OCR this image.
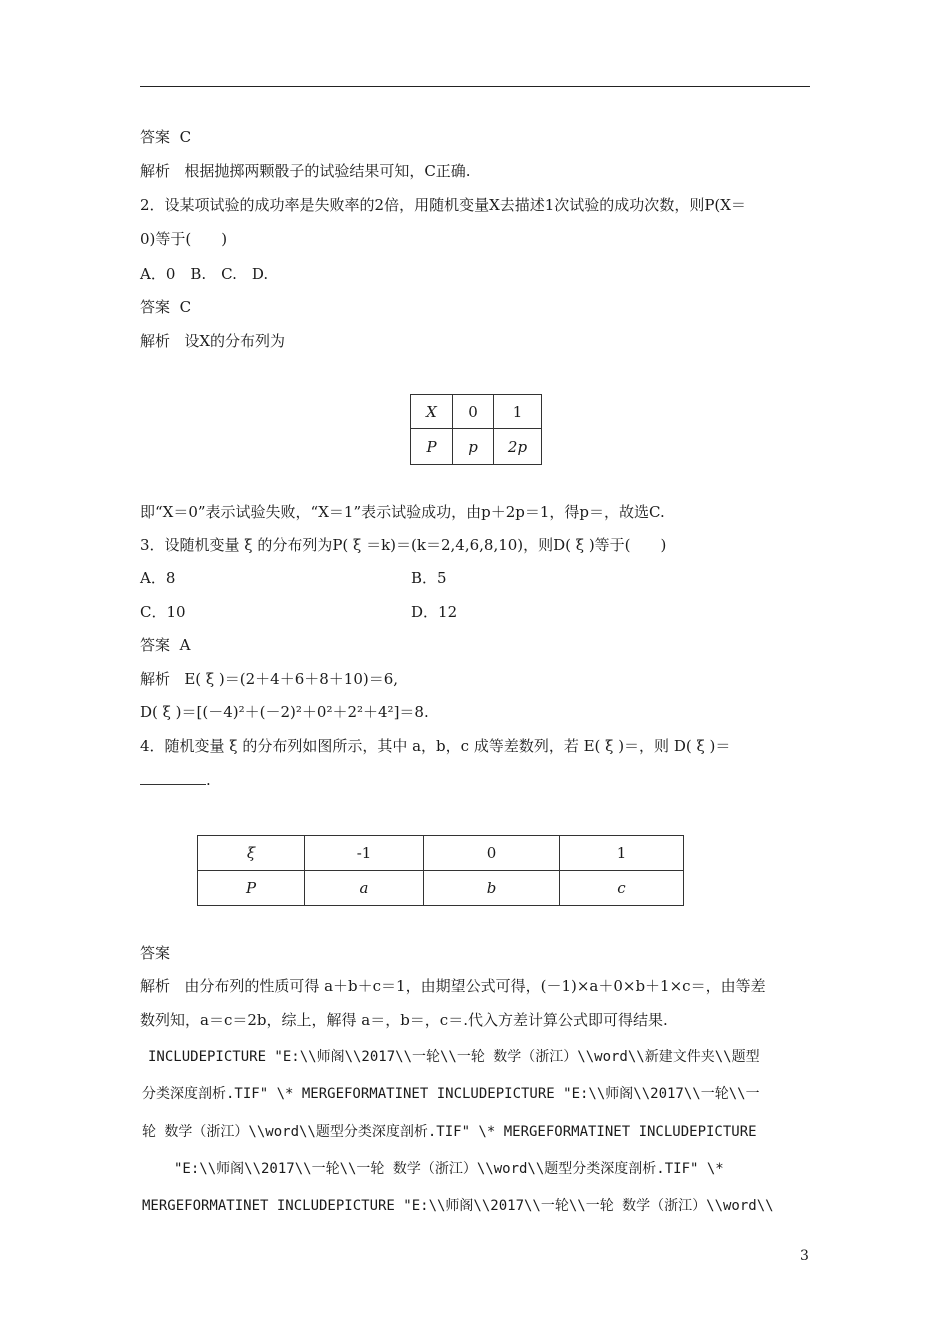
答案 C
解析 根据抛掷两颗骰子的试验结果可知，C正确.
2．设某项试验的成功率是失败率的2倍，用随机变量X去描述1次试验的成功次数，则P(X＝
0)等于(　　)
A．0　B.　C.　D.
答案 C
解析 设X的分布列为
X	0	1
P	p	2p
即“X＝0”表示试验失败，“X＝1”表示试验成功，由p＋2p＝1，得p＝，故选C.
3．设随机变量 ξ 的分布列为P( ξ ＝k)＝(k＝2,4,6,8,10)，则D( ξ )等于(　　)
A．8	B．5
C．10	D．12
答案 A
解析 E( ξ )＝(2＋4＋6＋8＋10)＝6,
D( ξ )＝[(－4)²＋(－2)²＋0²＋2²＋4²]＝8.
4．随机变量 ξ 的分布列如图所示，其中 a，b，c 成等差数列，若 E( ξ )＝，则 D( ξ )＝
.
ξ	-1	0	1
P	a	b	c
答案
解析 由分布列的性质可得 a＋b＋c＝1，由期望公式可得，(－1)×a＋0×b＋1×c＝，由等差
数列知，a＝c＝2b，综上，解得 a＝，b＝，c＝.代入方差计算公式即可得结果.
INCLUDEPICTURE "E:\\师阁\\2017\\一轮\\一轮 数学（浙江）\\word\\新建文件夹\\题型
分类深度剖析.TIF" \* MERGEFORMATINET INCLUDEPICTURE "E:\\师阁\\2017\\一轮\\一
轮 数学（浙江）\\word\\题型分类深度剖析.TIF" \* MERGEFORMATINET INCLUDEPICTURE
"E:\\师阁\\2017\\一轮\\一轮 数学（浙江）\\word\\题型分类深度剖析.TIF" \*
MERGEFORMATINET INCLUDEPICTURE "E:\\师阁\\2017\\一轮\\一轮 数学（浙江）\\word\\
3
